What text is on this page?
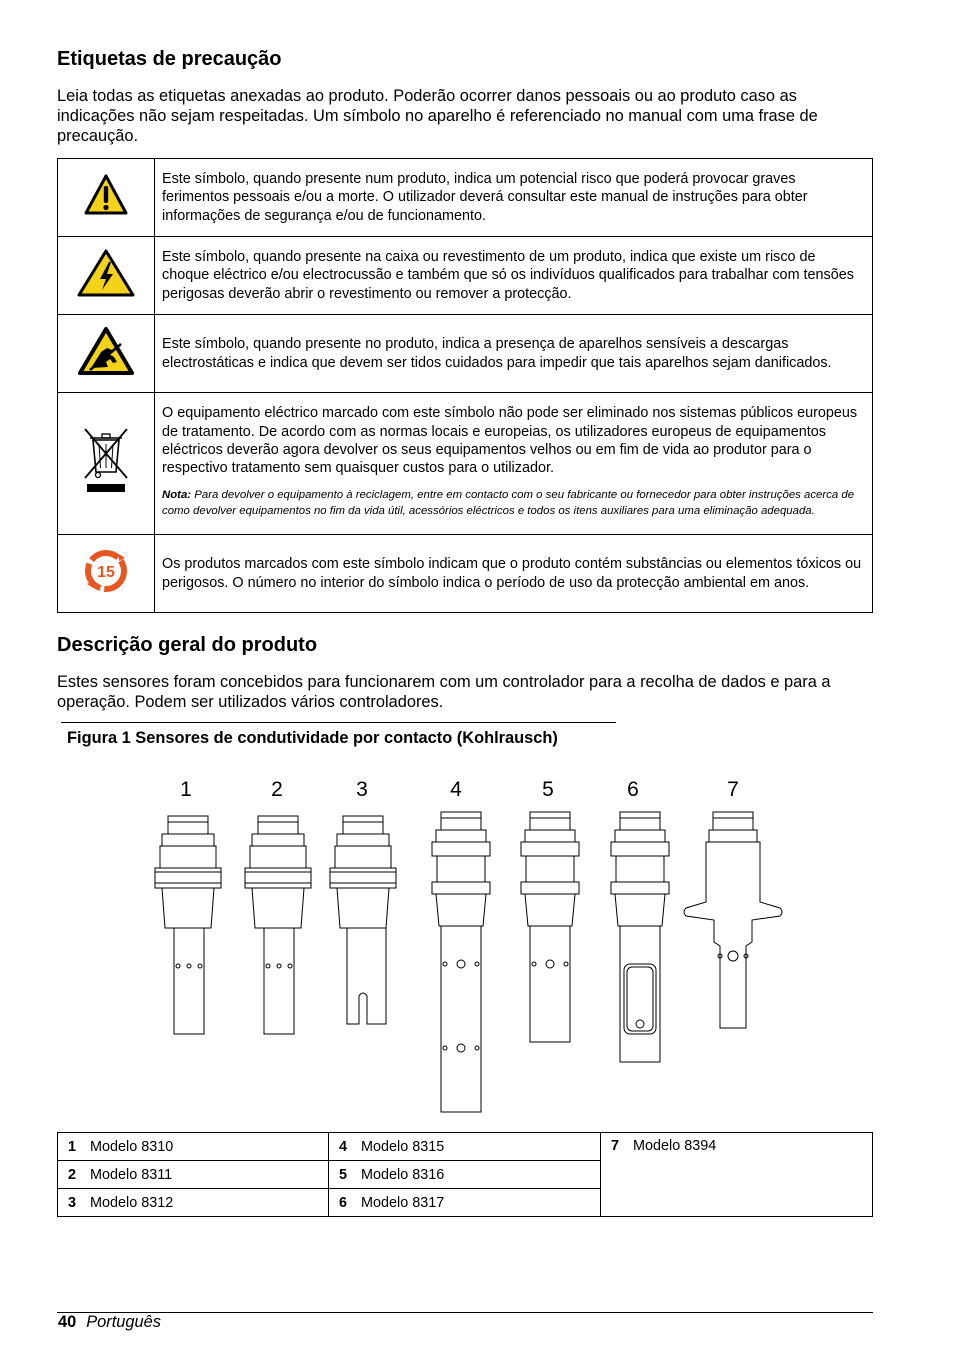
Etiquetas de precaução
Leia todas as etiquetas anexadas ao produto. Poderão ocorrer danos pessoais ou ao produto caso as indicações não sejam respeitadas. Um símbolo no aparelho é referenciado no manual com uma frase de precaução.
	Este símbolo, quando presente num produto, indica um potencial risco que poderá provocar graves ferimentos pessoais e/ou a morte. O utilizador deverá consultar este manual de instruções para obter informações de segurança e/ou de funcionamento.
	Este símbolo, quando presente na caixa ou revestimento de um produto, indica que existe um risco de choque eléctrico e/ou electrocussão e também que só os indivíduos qualificados para trabalhar com tensões perigosas deverão abrir o revestimento ou remover a protecção.
	Este símbolo, quando presente no produto, indica a presença de aparelhos sensíveis a descargas electrostáticas e indica que devem ser tidos cuidados para impedir que tais aparelhos sejam danificados.

O equipamento eléctrico marcado com este símbolo não pode ser eliminado nos sistemas públicos europeus de tratamento. De acordo com as normas locais e europeias, os utilizadores europeus de equipamentos eléctricos deverão agora devolver os seus equipamentos velhos ou em fim de vida ao produtor para o respectivo tratamento sem quaisquer custos para o utilizador.
Nota: Para devolver o equipamento à reciclagem, entre em contacto com o seu fabricante ou fornecedor para obter instruções acerca de como devolver equipamentos no fim da vida útil, acessórios eléctricos e todos os itens auxiliares para uma eliminação adequada.

15	Os produtos marcados com este símbolo indicam que o produto contém substâncias ou elementos tóxicos ou perigosos. O número no interior do símbolo indica o período de uso da protecção ambiental em anos.
Descrição geral do produto
Estes sensores foram concebidos para funcionarem com um controlador para a recolha de dados e para a operação. Podem ser utilizados vários controladores.
Figura 1 Sensores de condutividade por contacto (Kohlrausch)
1	2	3	4	5	6	7
1 Modelo 8310	4 Modelo 8315	7 Modelo 8394
2 Modelo 8311	5 Modelo 8316	
3 Modelo 8312	6 Modelo 8317	
40 Português
